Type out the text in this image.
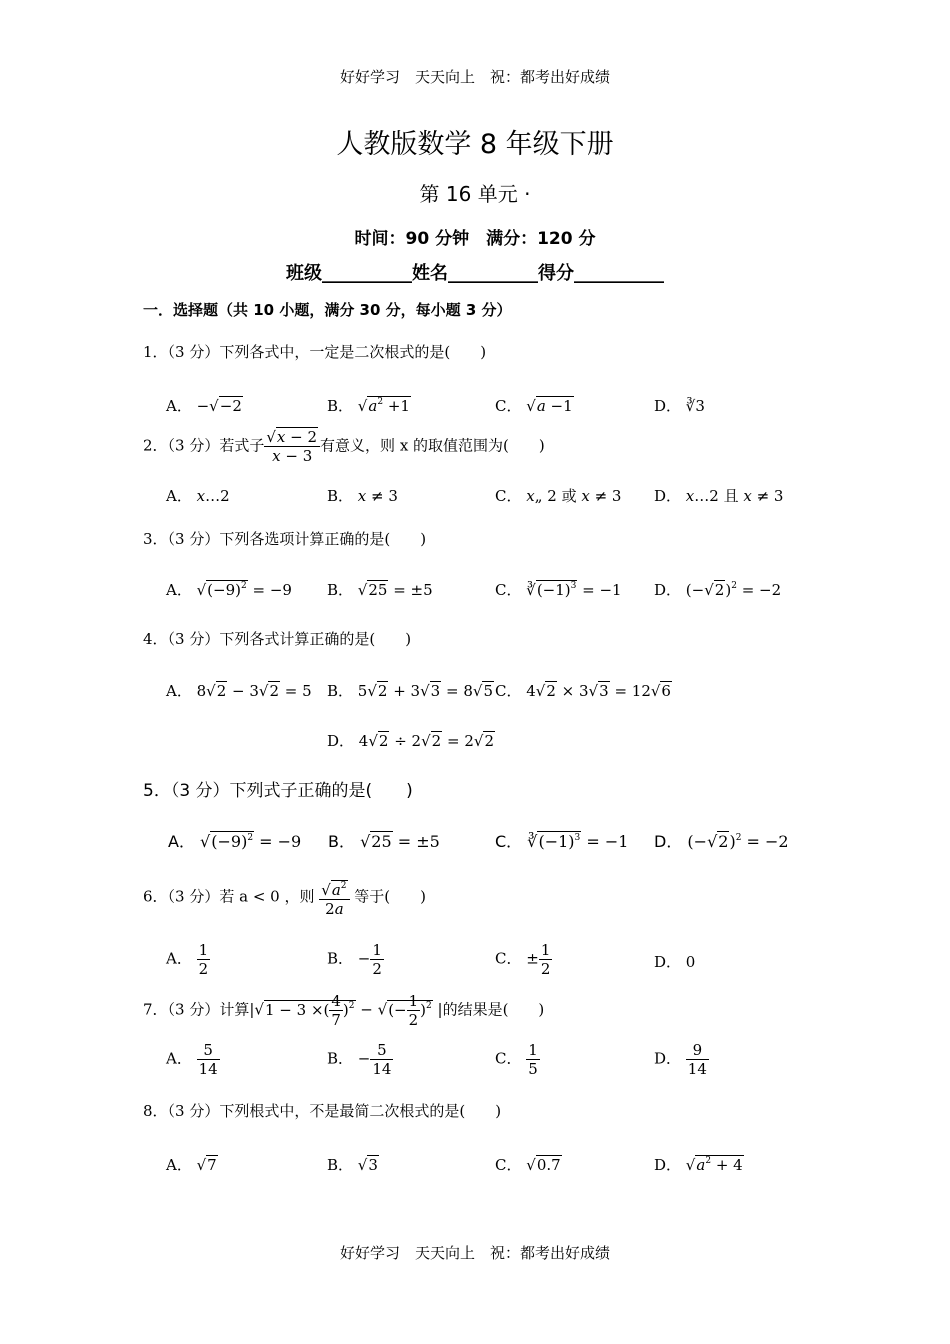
好好学习　天天向上　祝：都考出好成绩
人教版数学 8 年级下册
第 16 单元 ·
时间：90 分钟　满分：120 分
班级__________姓名__________得分__________
一．选择题（共 10 小题，满分 30 分，每小题 3 分）
1．（3 分）下列各式中，一定是二次根式的是(　　)
A． −√−2	B． $√a^2 +1$	C． √a −1	D． ∛3
2．（3 分）若式子 $\frac{√x - 2}{x - 3}$ 有意义，则 x 的取值范围为(　　)
A． x…2	B． x ≠ 3	C． x„ 2 或 x ≠ 3 D． x…2 且 x ≠ 3
3．（3 分）下列各选项计算正确的是(　　)
A． $√(-9)^2 = -9$ B． √25 = ±5	C． $∛(-1)^3 = -1$ D． $(-√2)^2 = -2$
4．（3 分）下列各式计算正确的是(　　)
A． 8√2 − 3√2 = 5 B． 5√2 + 3√3 = 8√5 C． 4√2 × 3√3 = 12√6
D． 4√2 ÷ 2√2 = 2√2
5．（3 分）下列式子正确的是(　　)
A． $√(-9)^2 = -9$ B． √25 = ±5	C． $∛(-1)^3 = -1$ D． $(-√2)^2 = -2$
6．（3 分）若 a < 0 ，则 $\frac{√a^2}{2a}$ 等于(　　)
A． $\frac{1}{2}$	B． − $\frac{1}{2}$	C． ± $\frac{1}{2}$	D． 0
7．（3 分）计算|√1 − 3 ×( $\frac{4}{7} )^2$ − √(− $\frac{1}{2} )^2$ |的结果是(　　)
A． $\frac{5}{14}$	B． − $\frac{5}{14}$	C． $\frac{1}{5}$	D． $\frac{9}{14}$
8．（3 分）下列根式中，不是最简二次根式的是(　　)
A． √7	B． √3	C． √0.7	D． $√a^2 + 4$
好好学习　天天向上　祝：都考出好成绩
